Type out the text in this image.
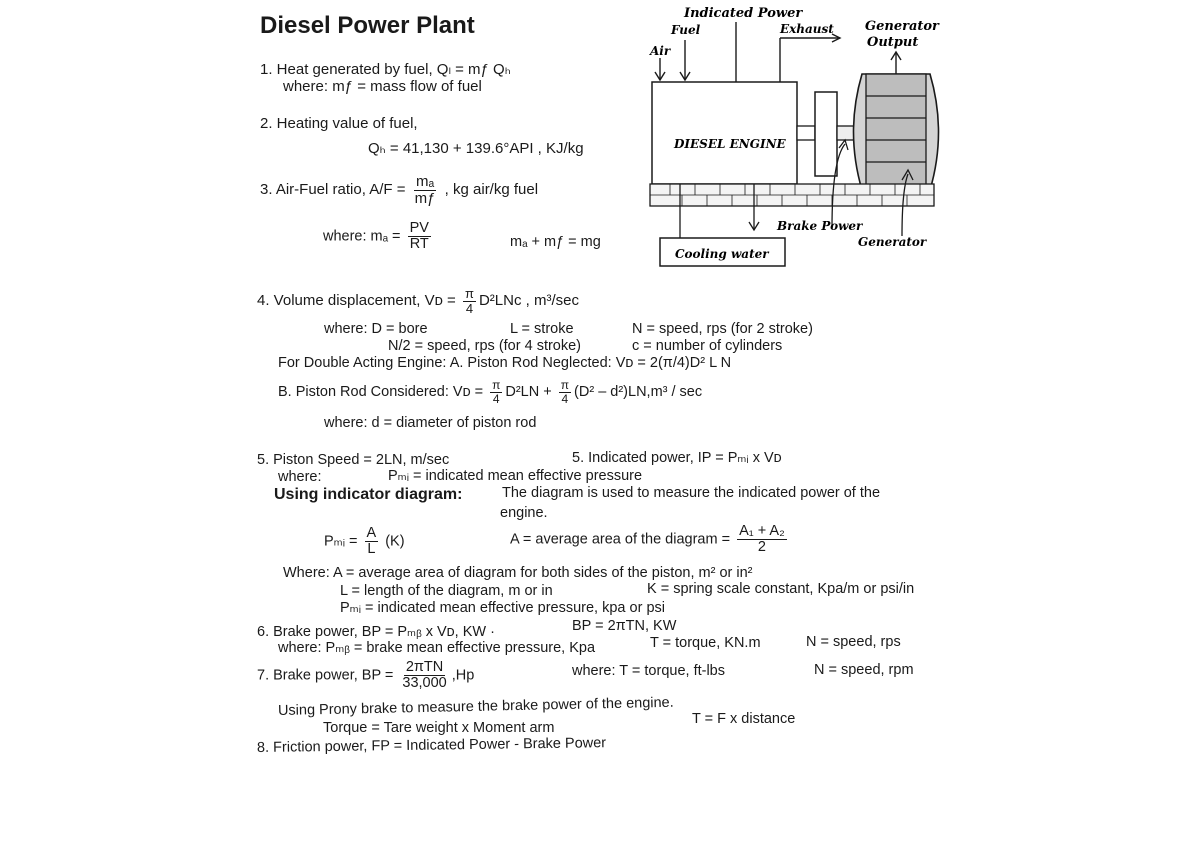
Diesel Power Plant
1. Heat generated by fuel, Qₗ = mƒ Qₕ
where: mƒ = mass flow of fuel
2. Heating value of fuel,
Qₕ = 41,130 + 139.6°API , KJ/kg
3. Air-Fuel ratio, $A/F = \frac{\text{mₐ}}{mƒ}$ , kg air/kg fuel
where: $m_a = \frac{PV}{RT}$	mₐ + mƒ = mɡ
4. Volume displacement, Vᴅ = $\frac{\pi}{4} D^2LNc$ , m³/sec
where: D = bore	L = stroke	N = speed, rps (for 2 stroke)
N/2 = speed, rps (for 4 stroke)	c = number of cylinders
For Double Acting Engine: A. Piston Rod Neglected: Vᴅ = 2(π/4)D² L N
B. Piston Rod Considered: Vᴅ = $\frac{\pi}{4} D^2LN + \frac{\pi}{4} (D^2 - d^2)LN,m^3 / \sec$
where: d = diameter of piston rod
5. Piston Speed = 2LN, m/sec	5. Indicated power, IP = Pₘᵢ x Vᴅ
where:	Pₘᵢ = indicated mean effective pressure
Using indicator diagram:	The diagram is used to measure the indicated power of the
engine.
Pₘᵢ = $\frac{A}{L} (K)$	A = average area of the diagram = $\frac{\text{A₁ + A₂}}{2}$
Where: A = average area of diagram for both sides of the piston, m² or in²
L = length of the diagram, m or in	K = spring scale constant, Kpa/m or psi/in
Pₘᵢ = indicated mean effective pressure, kpa or psi
6. Brake power, BP = Pₘᵦ x Vᴅ, KW ·	BP = 2πTN, KW
where: Pₘᵦ = brake mean effective pressure, Kpa	T = torque, KN.m	N = speed, rps
7. Brake power, BP = $\frac{\text{2πTN}}{33,000} ,Hp$	where: T = torque, ft-lbs	N = speed, rpm
Using Prony brake to measure the brake power of the engine.
Torque = Tare weight x Moment arm
T = F x distance
8. Friction power, FP = Indicated Power - Brake Power
Indicated Power
Fuel	Exhaust
Air
Generator
Output
DIESEL ENGINE
Cooling water
Brake Power
Generator
